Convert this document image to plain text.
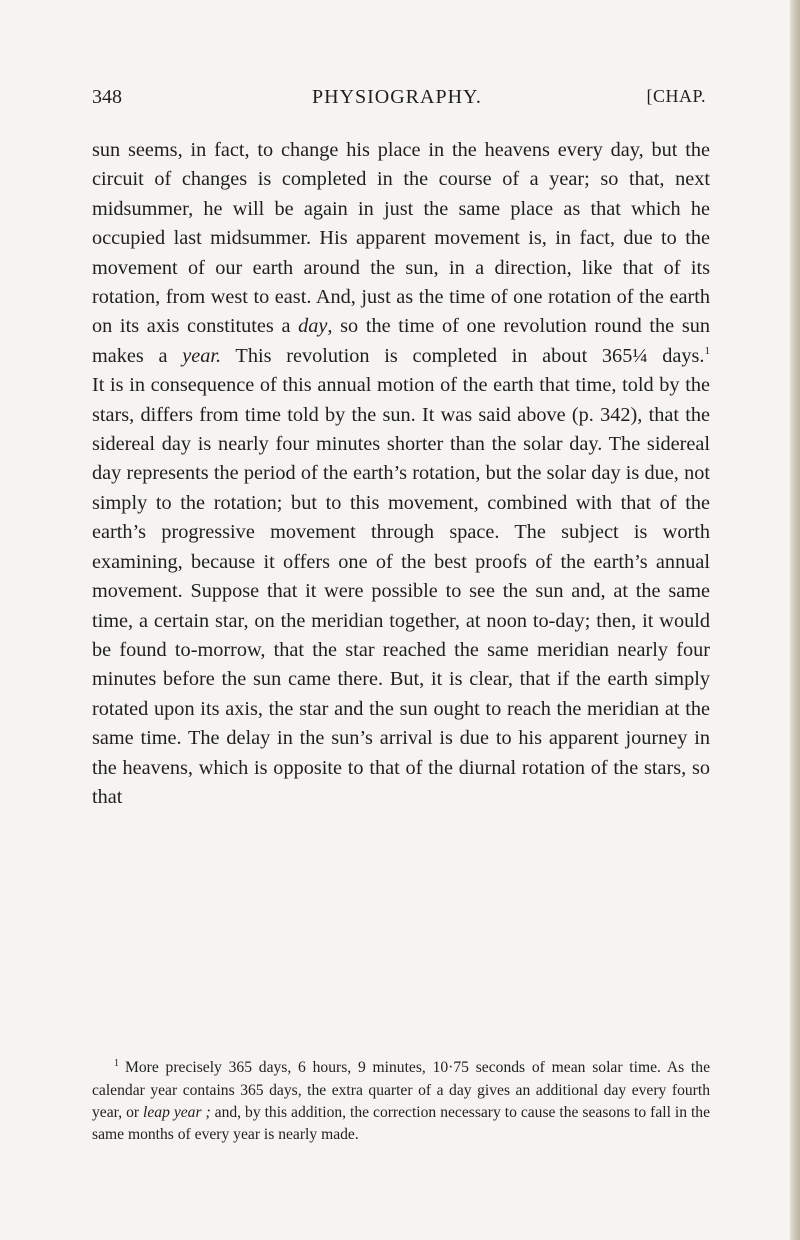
348	PHYSIOGRAPHY.	[CHAP.

sun seems, in fact, to change his place in the heavens every day, but the circuit of changes is completed in the course of a year; so that, next midsummer, he will be again in just the same place as that which he occupied last midsummer. His apparent movement is, in fact, due to the movement of our earth around the sun, in a direction, like that of its rotation, from west to east. And, just as the time of one rotation of the earth on its axis constitutes a day, so the time of one revolution round the sun makes a year. This revolution is completed in about 365¼ days.$^1$

It is in consequence of this annual motion of the earth that time, told by the stars, differs from time told by the sun. It was said above (p. 342), that the sidereal day is nearly four minutes shorter than the solar day. The sidereal day represents the period of the earth’s rotation, but the solar day is due, not simply to the rotation; but to this movement, combined with that of the earth’s progressive movement through space. The subject is worth examining, because it offers one of the best proofs of the earth’s annual movement. Suppose that it were possible to see the sun and, at the same time, a certain star, on the meridian together, at noon to-day; then, it would be found to-morrow, that the star reached the same meridian nearly four minutes before the sun came there. But, it is clear, that if the earth simply rotated upon its axis, the star and the sun ought to reach the meridian at the same time. The delay in the sun’s arrival is due to his apparent journey in the heavens, which is opposite to that of the diurnal rotation of the stars, so that

$^1$ More precisely 365 days, 6 hours, 9 minutes, 10·75 seconds of mean solar time. As the calendar year contains 365 days, the extra quarter of a day gives an additional day every fourth year, or leap year ; and, by this addition, the correction necessary to cause the seasons to fall in the same months of every year is nearly made.
